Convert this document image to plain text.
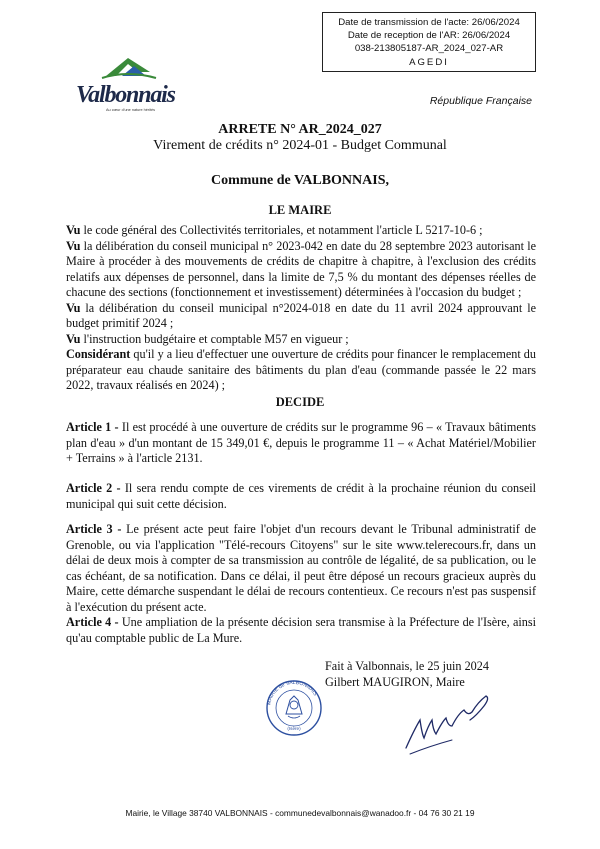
Date de transmission de l'acte: 26/06/2024
Date de reception de l'AR: 26/06/2024
038-213805187-AR_2024_027-AR
AGEDI
Valbonnais
Au cœur d'une nature hérités
République Française
ARRETE N° AR_2024_027
Virement de crédits n° 2024-01 - Budget Communal
Commune de VALBONNAIS,
LE MAIRE

Vu le code général des Collectivités territoriales, et notamment l'article L 5217-10-6 ;

Vu la délibération du conseil municipal n° 2023-042 en date du 28 septembre 2023 autorisant le Maire à procéder à des mouvements de crédits de chapitre à chapitre, à l'exclusion des crédits relatifs aux dépenses de personnel, dans la limite de 7,5 % du montant des dépenses réelles de chacune des sections (fonctionnement et investissement) déterminées à l'occasion du budget ;

Vu la délibération du conseil municipal n°2024-018 en date du 11 avril 2024 approuvant le budget primitif 2024 ;

Vu l'instruction budgétaire et comptable M57 en vigueur ;

Considérant qu'il y a lieu d'effectuer une ouverture de crédits pour financer le remplacement du préparateur eau chaude sanitaire des bâtiments du plan d'eau (commande passée le 22 mars 2022, travaux réalisés en 2024) ;

DECIDE

Article 1 - Il est procédé à une ouverture de crédits sur le programme 96 – « Travaux bâtiments plan d'eau » d'un montant de 15 349,01 €, depuis le programme 11 – « Achat Matériel/Mobilier + Terrains » à l'article 2131.

Article 2 - Il sera rendu compte de ces virements de crédit à la prochaine réunion du conseil municipal qui suit cette décision.

Article 3 - Le présent acte peut faire l'objet d'un recours devant le Tribunal administratif de Grenoble, ou via l'application "Télé-recours Citoyens" sur le site www.telerecours.fr, dans un délai de deux mois à compter de sa transmission au contrôle de légalité, de sa publication, ou le cas échéant, de sa notification. Dans ce délai, il peut être déposé un recours gracieux auprès du Maire, cette démarche suspendant le délai de recours contentieux. Ce recours n'est pas suspensif à l'exécution du présent acte.

Article 4 - Une ampliation de la présente décision sera transmise à la Préfecture de l'Isère, ainsi qu'au comptable public de La Mure.

Fait à Valbonnais, le 25 juin 2024
Gilbert MAUGIRON, Maire
MAIRIE de VALBONNAIS
(Isère)
Mairie, le Village 38740 VALBONNAIS - communedevalbonnais@wanadoo.fr - 04 76 30 21 19
